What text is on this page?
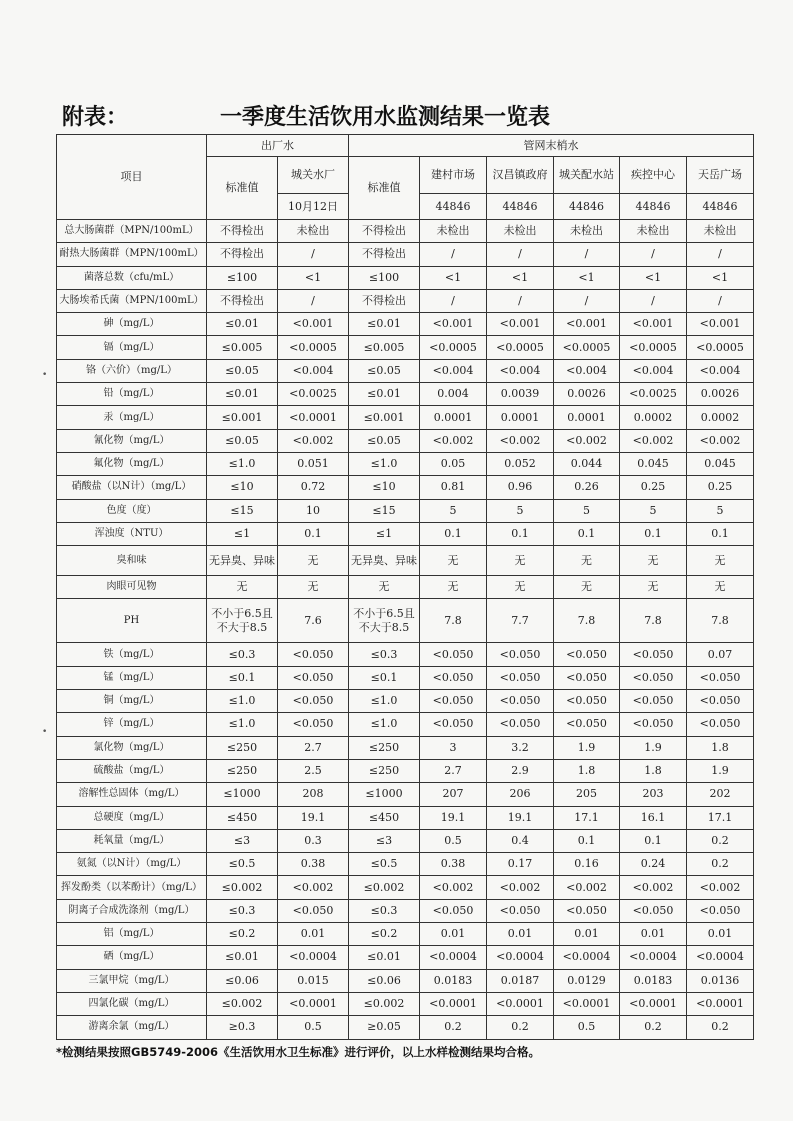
附表：	一季度生活饮用水监测结果一览表
•
•
项目	出厂水		管网末梢水					
	标准值	城关水厂	标准值	建村市场	汉昌镇政府	城关配水站	疾控中心	天岳广场
		10月12日		44846	44846	44846	44846	44846
总大肠菌群（MPN/100mL）	不得检出	未检出	不得检出	未检出	未检出	未检出	未检出	未检出
耐热大肠菌群（MPN/100mL）	不得检出	/	不得检出	/	/	/	/	/
菌落总数（cfu/mL）	≤100	<1	≤100	<1	<1	<1	<1	<1
大肠埃希氏菌（MPN/100mL）	不得检出	/	不得检出	/	/	/	/	/
砷（mg/L）	≤0.01	<0.001	≤0.01	<0.001	<0.001	<0.001	<0.001	<0.001
镉（mg/L）	≤0.005	<0.0005	≤0.005	<0.0005	<0.0005	<0.0005	<0.0005	<0.0005
铬（六价）（mg/L）	≤0.05	<0.004	≤0.05	<0.004	<0.004	<0.004	<0.004	<0.004
铅（mg/L）	≤0.01	<0.0025	≤0.01	0.004	0.0039	0.0026	<0.0025	0.0026
汞（mg/L）	≤0.001	<0.0001	≤0.001	0.0001	0.0001	0.0001	0.0002	0.0002
氰化物（mg/L）	≤0.05	<0.002	≤0.05	<0.002	<0.002	<0.002	<0.002	<0.002
氟化物（mg/L）	≤1.0	0.051	≤1.0	0.05	0.052	0.044	0.045	0.045
硝酸盐（以N计）（mg/L）	≤10	0.72	≤10	0.81	0.96	0.26	0.25	0.25
色度（度）	≤15	10	≤15	5	5	5	5	5
浑浊度（NTU）	≤1	0.1	≤1	0.1	0.1	0.1	0.1	0.1
臭和味	无异臭、异味	无	无异臭、异味	无	无	无	无	无
肉眼可见物	无	无	无	无	无	无	无	无
PH	不小于6.5且不大于8.5	7.6	不小于6.5且不大于8.5	7.8	7.7	7.8	7.8	7.8
铁（mg/L）	≤0.3	<0.050	≤0.3	<0.050	<0.050	<0.050	<0.050	0.07
锰（mg/L）	≤0.1	<0.050	≤0.1	<0.050	<0.050	<0.050	<0.050	<0.050
铜（mg/L）	≤1.0	<0.050	≤1.0	<0.050	<0.050	<0.050	<0.050	<0.050
锌（mg/L）	≤1.0	<0.050	≤1.0	<0.050	<0.050	<0.050	<0.050	<0.050
氯化物（mg/L）	≤250	2.7	≤250	3	3.2	1.9	1.9	1.8
硫酸盐（mg/L）	≤250	2.5	≤250	2.7	2.9	1.8	1.8	1.9
溶解性总固体（mg/L）	≤1000	208	≤1000	207	206	205	203	202
总硬度（mg/L）	≤450	19.1	≤450	19.1	19.1	17.1	16.1	17.1
耗氧量（mg/L）	≤3	0.3	≤3	0.5	0.4	0.1	0.1	0.2
氨氮（以N计）（mg/L）	≤0.5	0.38	≤0.5	0.38	0.17	0.16	0.24	0.2
挥发酚类（以苯酚计）（mg/L）	≤0.002	<0.002	≤0.002	<0.002	<0.002	<0.002	<0.002	<0.002
阴离子合成洗涤剂（mg/L）	≤0.3	<0.050	≤0.3	<0.050	<0.050	<0.050	<0.050	<0.050
铝（mg/L）	≤0.2	0.01	≤0.2	0.01	0.01	0.01	0.01	0.01
硒（mg/L）	≤0.01	<0.0004	≤0.01	<0.0004	<0.0004	<0.0004	<0.0004	<0.0004
三氯甲烷（mg/L）	≤0.06	0.015	≤0.06	0.0183	0.0187	0.0129	0.0183	0.0136
四氯化碳（mg/L）	≤0.002	<0.0001	≤0.002	<0.0001	<0.0001	<0.0001	<0.0001	<0.0001
游离余氯（mg/L）	≥0.3	0.5	≥0.05	0.2	0.2	0.5	0.2	0.2
*检测结果按照GB5749-2006《生活饮用水卫生标准》进行评价，以上水样检测结果均合格。
